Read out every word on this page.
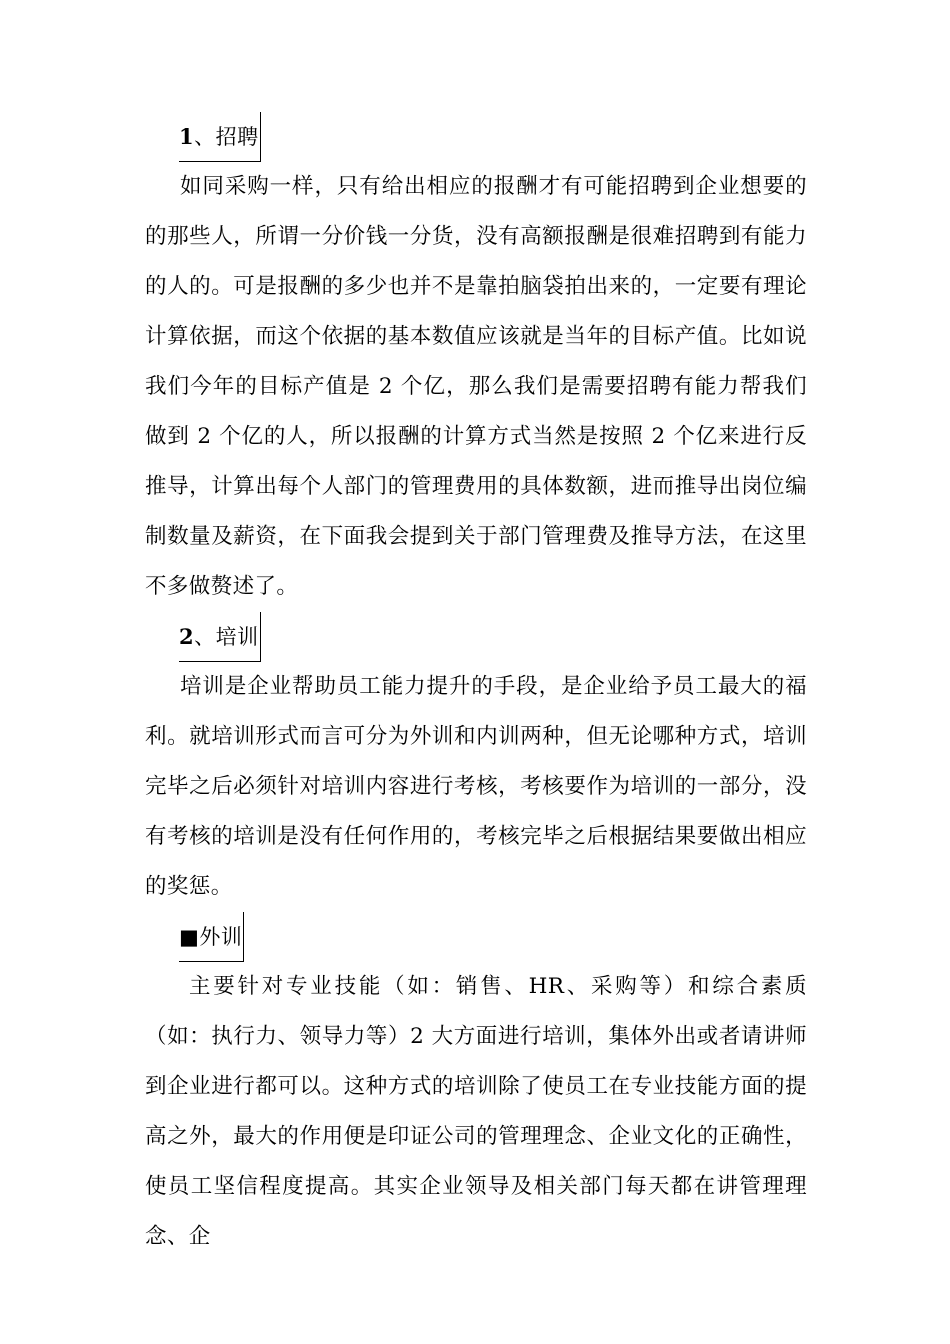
1、招聘

如同采购一样，只有给出相应的报酬才有可能招聘到企业想要的的那些人，所谓一分价钱一分货，没有高额报酬是很难招聘到有能力的人的。可是报酬的多少也并不是靠拍脑袋拍出来的，一定要有理论计算依据，而这个依据的基本数值应该就是当年的目标产值。比如说我们今年的目标产值是 2 个亿，那么我们是需要招聘有能力帮我们做到 2 个亿的人，所以报酬的计算方式当然是按照 2 个亿来进行反推导，计算出每个人部门的管理费用的具体数额，进而推导出岗位编制数量及薪资，在下面我会提到关于部门管理费及推导方法，在这里不多做赘述了。

2、培训

培训是企业帮助员工能力提升的手段，是企业给予员工最大的福利。就培训形式而言可分为外训和内训两种，但无论哪种方式，培训完毕之后必须针对培训内容进行考核，考核要作为培训的一部分，没有考核的培训是没有任何作用的，考核完毕之后根据结果要做出相应的奖惩。

■外训

主要针对专业技能（如：销售、HR、采购等）和综合素质（如：执行力、领导力等）2 大方面进行培训，集体外出或者请讲师到企业进行都可以。这种方式的培训除了使员工在专业技能方面的提高之外，最大的作用便是印证公司的管理理念、企业文化的正确性，使员工坚信程度提高。其实企业领导及相关部门每天都在讲管理理念、企
